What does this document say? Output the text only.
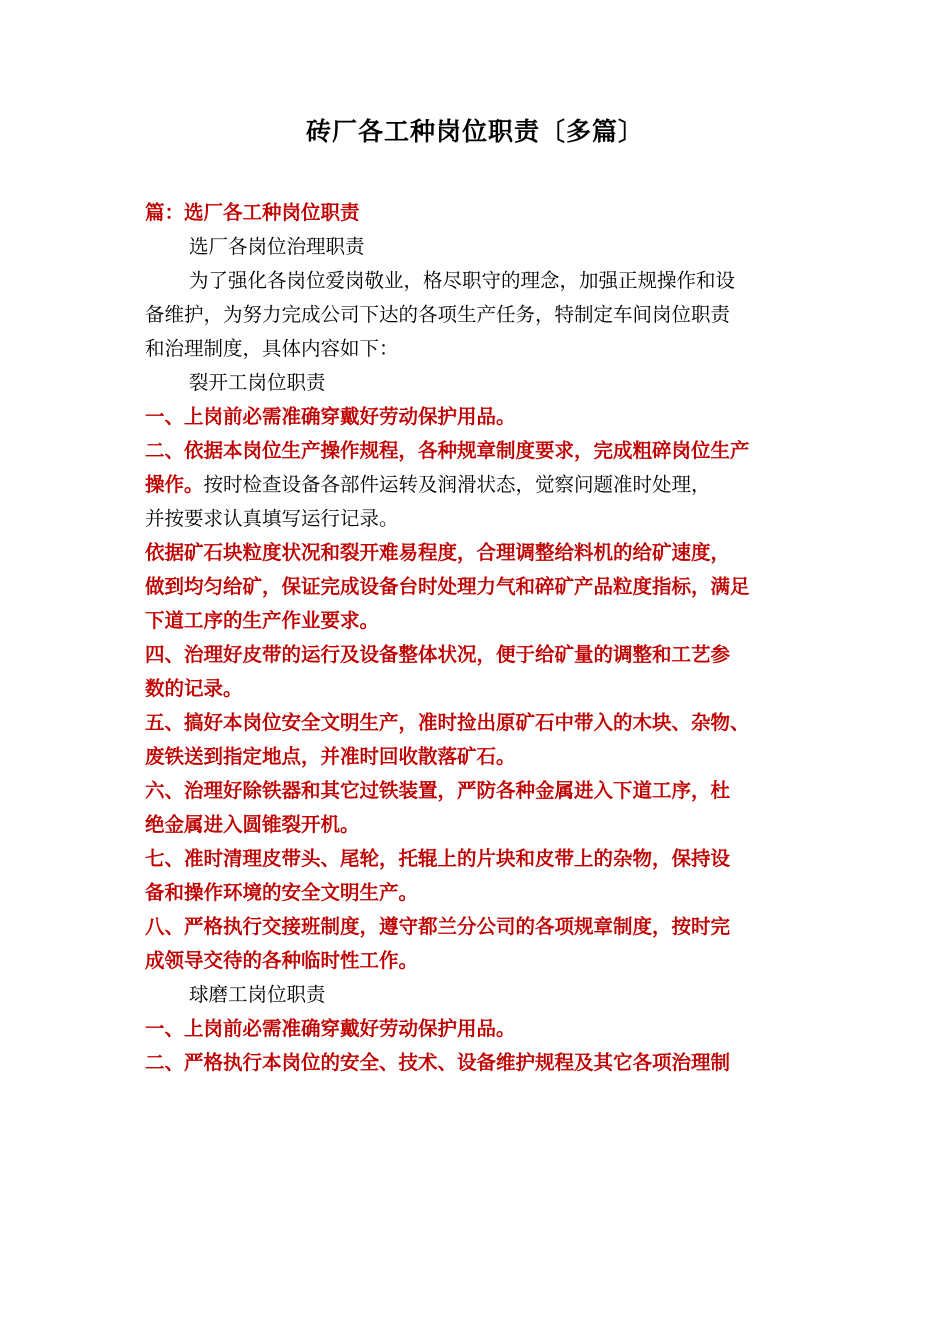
砖厂各工种岗位职责〔多篇〕
篇：选厂各工种岗位职责
选厂各岗位治理职责
为了强化各岗位爱岗敬业，格尽职守的理念，加强正规操作和设
备维护，为努力完成公司下达的各项生产任务，特制定车间岗位职责
和治理制度，具体内容如下：
裂开工岗位职责
一、上岗前必需准确穿戴好劳动保护用品。
二、依据本岗位生产操作规程，各种规章制度要求，完成粗碎岗位生产
操作。按时检查设备各部件运转及润滑状态，觉察问题准时处理，
并按要求认真填写运行记录。
依据矿石块粒度状况和裂开难易程度，合理调整给料机的给矿速度，
做到均匀给矿，保证完成设备台时处理力气和碎矿产品粒度指标，满足
下道工序的生产作业要求。
四、治理好皮带的运行及设备整体状况，便于给矿量的调整和工艺参
数的记录。
五、搞好本岗位安全文明生产，准时捡出原矿石中带入的木块、杂物、
废铁送到指定地点，并准时回收散落矿石。
六、治理好除铁器和其它过铁装置，严防各种金属进入下道工序，杜
绝金属进入圆锥裂开机。
七、准时清理皮带头、尾轮，托辊上的片块和皮带上的杂物，保持设
备和操作环境的安全文明生产。
八、严格执行交接班制度，遵守都兰分公司的各项规章制度，按时完
成领导交待的各种临时性工作。
球磨工岗位职责
一、上岗前必需准确穿戴好劳动保护用品。
二、严格执行本岗位的安全、技术、设备维护规程及其它各项治理制
